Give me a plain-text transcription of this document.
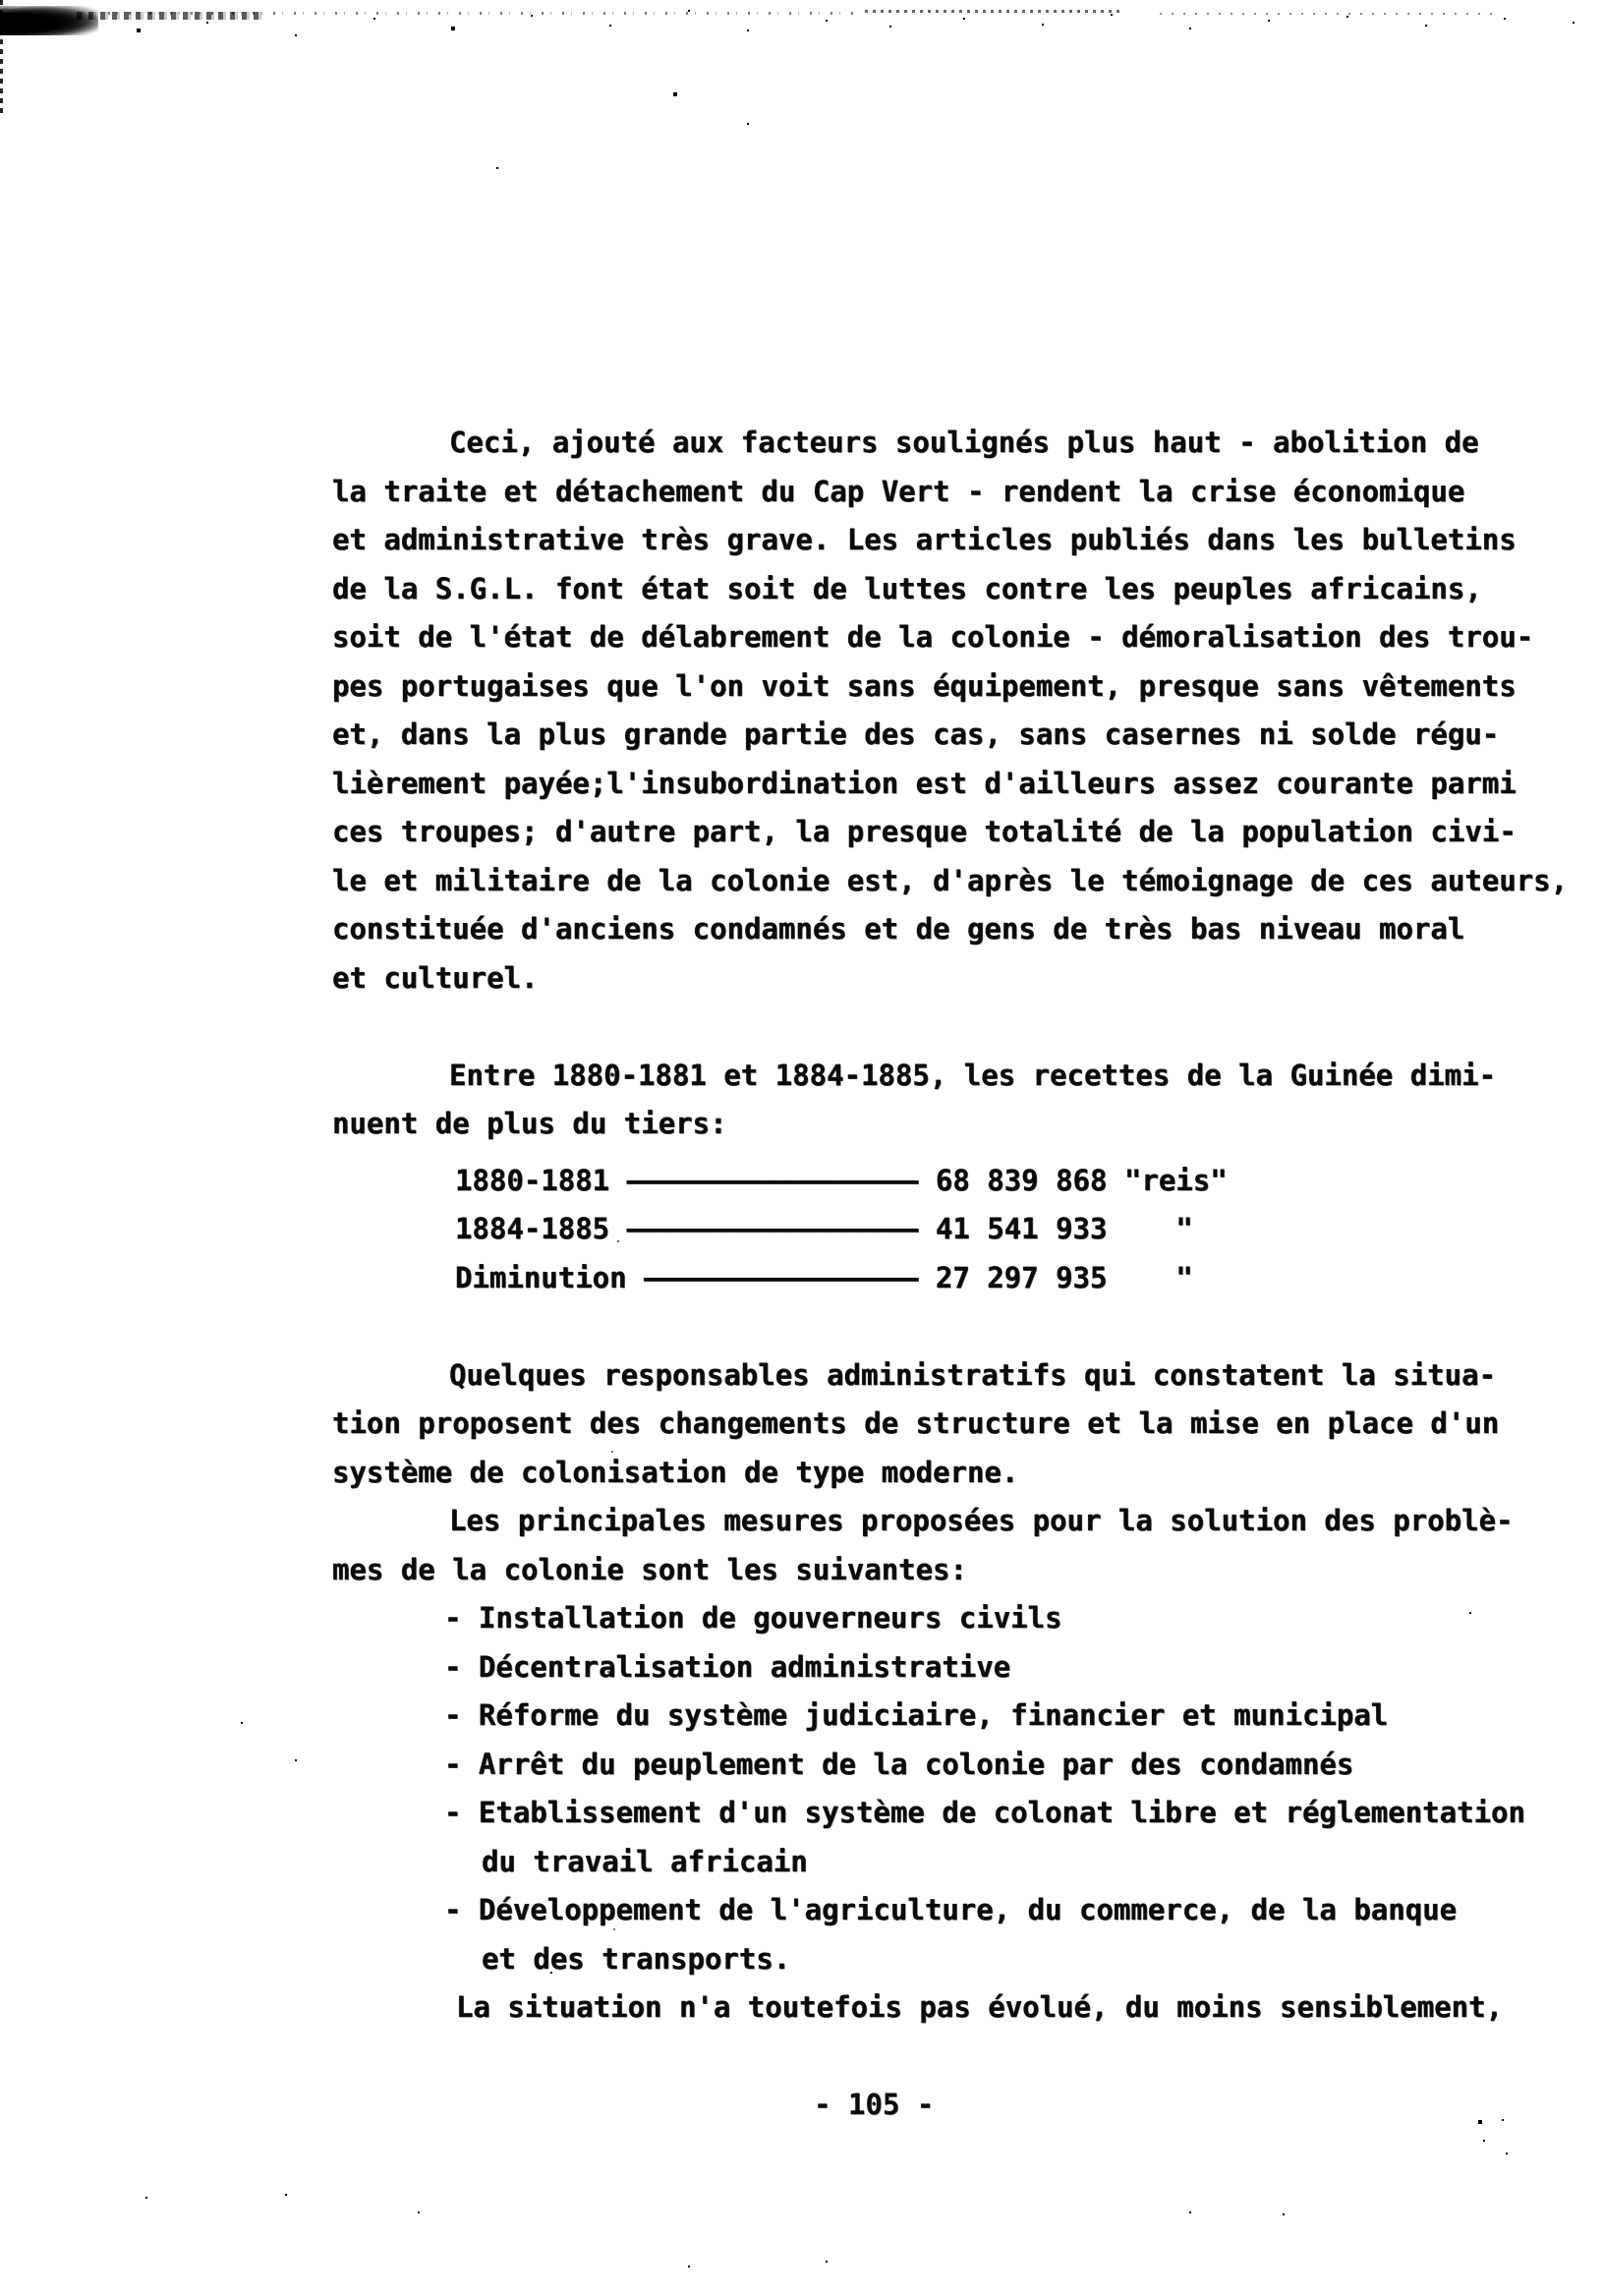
Ceci, ajouté aux facteurs soulignés plus haut - abolition de
la traite et détachement du Cap Vert - rendent la crise économique
et administrative très grave. Les articles publiés dans les bulletins
de la S.G.L. font état soit de luttes contre les peuples africains,
soit de l'état de délabrement de la colonie - démoralisation des trou-
pes portugaises que l'on voit sans équipement, presque sans vêtements
et, dans la plus grande partie des cas, sans casernes ni solde régu-
lièrement payée;l'insubordination est d'ailleurs assez courante parmi
ces troupes; d'autre part, la presque totalité de la population civi-
le et militaire de la colonie est, d'après le témoignage de ces auteurs,
constituée d'anciens condamnés et de gens de très bas niveau moral
et culturel.
Entre 1880-1881 et 1884-1885, les recettes de la Guinée dimi-
nuent de plus du tiers:
1880-1881 ————————————————— 68 839 868 "reis"
1884-1885 ————————————————— 41 541 933    "
Diminution ———————————————— 27 297 935    "
Quelques responsables administratifs qui constatent la situa-
tion proposent des changements de structure et la mise en place d'un
système de colonisation de type moderne.
Les principales mesures proposées pour la solution des problè-
mes de la colonie sont les suivantes:
- Installation de gouverneurs civils
- Décentralisation administrative
- Réforme du système judiciaire, financier et municipal
- Arrêt du peuplement de la colonie par des condamnés
- Etablissement d'un système de colonat libre et réglementation
du travail africain
- Développement de l'agriculture, du commerce, de la banque
et des transports.
La situation n'a toutefois pas évolué, du moins sensiblement,
- 105 -
